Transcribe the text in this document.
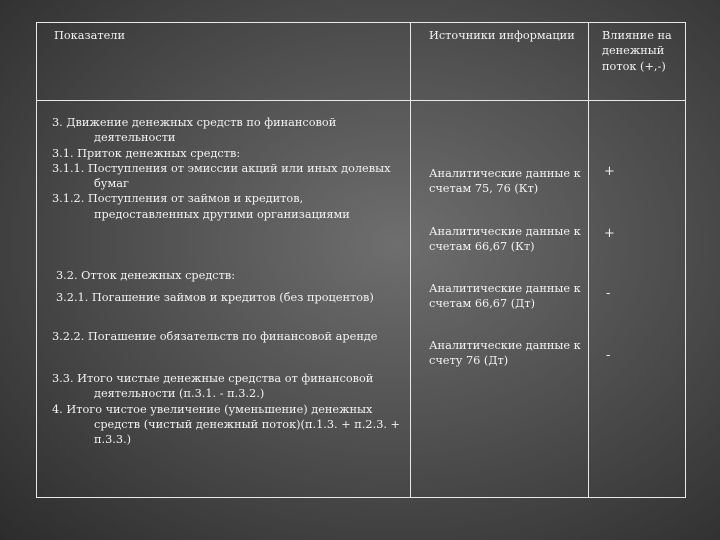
Показатели	Источники информации Влияние на денежный поток (+,-)
3. Движение денежных средств по финансовой
деятельности
3.1. Приток денежных средств:
3.1.1. Поступления от эмиссии акций или иных долевых
бумаг
3.1.2. Поступления от займов и кредитов,
предоставленных другими организациями
3.2. Отток денежных средств:
3.2.1. Погашение займов и кредитов (без процентов)
3.2.2. Погашение обязательств по финансовой аренде
3.3. Итого чистые денежные средства от финансовой
деятельности (п.3.1. - п.3.2.)
4. Итого чистое увеличение (уменьшение) денежных
средств (чистый денежный поток)(п.1.3. + п.2.3. +
п.3.3.)
Аналитические данные к счетам 75, 76 (Кт)
Аналитические данные к счетам 66,67 (Кт)
Аналитические данные к счетам 66,67 (Дт)
Аналитические данные к счету 76 (Дт)
+
+
-
-
